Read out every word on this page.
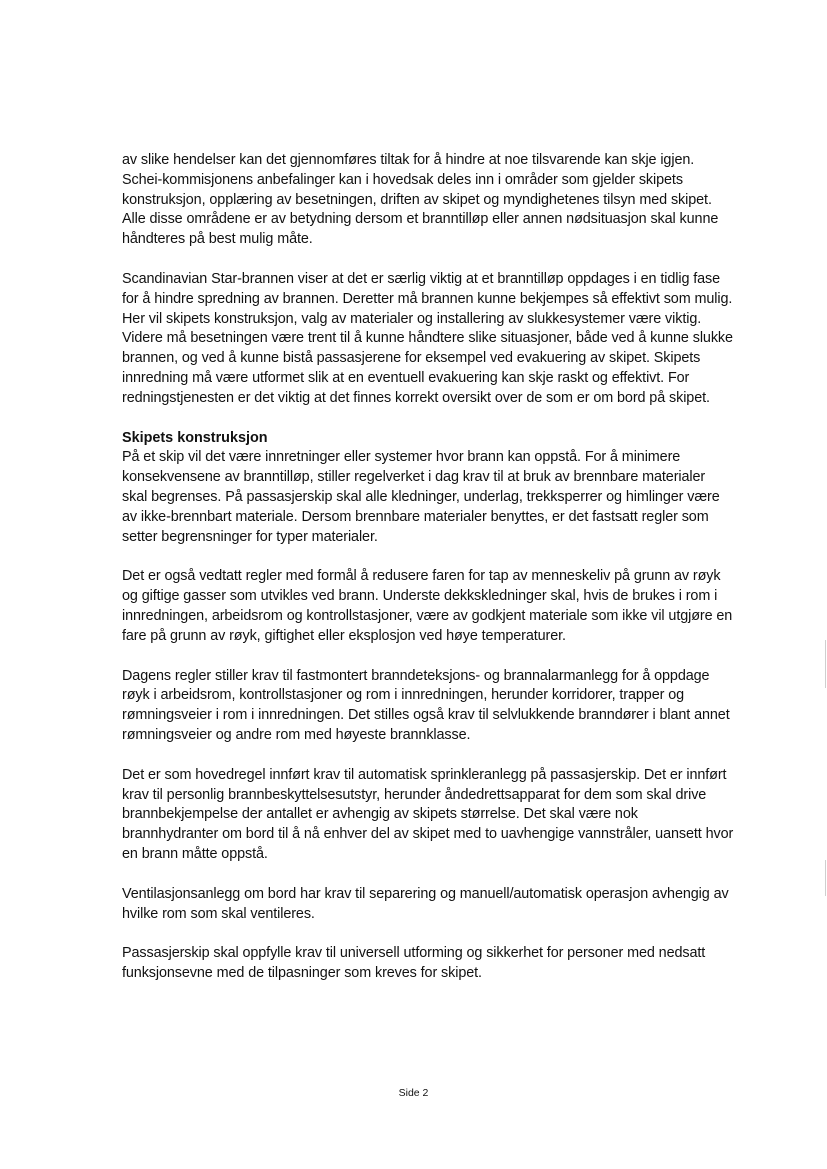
av slike hendelser kan det gjennomføres tiltak for å hindre at noe tilsvarende kan skje igjen. Schei-kommisjonens anbefalinger kan i hovedsak deles inn i områder som gjelder skipets konstruksjon, opplæring av besetningen, driften av skipet og myndighetenes tilsyn med skipet. Alle disse områdene er av betydning dersom et branntilløp eller annen nødsituasjon skal kunne håndteres på best mulig måte.

Scandinavian Star-brannen viser at det er særlig viktig at et branntilløp oppdages i en tidlig fase for å hindre spredning av brannen. Deretter må brannen kunne bekjempes så effektivt som mulig. Her vil skipets konstruksjon, valg av materialer og installering av slukkesystemer være viktig. Videre må besetningen være trent til å kunne håndtere slike situasjoner, både ved å kunne slukke brannen, og ved å kunne bistå passasjerene for eksempel ved evakuering av skipet. Skipets innredning må være utformet slik at en eventuell evakuering kan skje raskt og effektivt. For redningstjenesten er det viktig at det finnes korrekt oversikt over de som er om bord på skipet.

Skipets konstruksjon

På et skip vil det være innretninger eller systemer hvor brann kan oppstå. For å minimere konsekvensene av branntilløp, stiller regelverket i dag krav til at bruk av brennbare materialer skal begrenses. På passasjerskip skal alle kledninger, underlag, trekksperrer og himlinger være av ikke-brennbart materiale. Dersom brennbare materialer benyttes, er det fastsatt regler som setter begrensninger for typer materialer.

Det er også vedtatt regler med formål å redusere faren for tap av menneskeliv på grunn av røyk og giftige gasser som utvikles ved brann. Underste dekkskledninger skal, hvis de brukes i rom i innredningen, arbeidsrom og kontrollstasjoner, være av godkjent materiale som ikke vil utgjøre en fare på grunn av røyk, giftighet eller eksplosjon ved høye temperaturer.

Dagens regler stiller krav til fastmontert branndeteksjons- og brannalarmanlegg for å oppdage røyk i arbeidsrom, kontrollstasjoner og rom i innredningen, herunder korridorer, trapper og rømningsveier i rom i innredningen. Det stilles også krav til selvlukkende branndører i blant annet rømningsveier og andre rom med høyeste brannklasse.

Det er som hovedregel innført krav til automatisk sprinkleranlegg på passasjerskip. Det er innført krav til personlig brannbeskyttelsesutstyr, herunder åndedrettsapparat for dem som skal drive brannbekjempelse der antallet er avhengig av skipets størrelse. Det skal være nok brannhydranter om bord til å nå enhver del av skipet med to uavhengige vannstråler, uansett hvor en brann måtte oppstå.

Ventilasjonsanlegg om bord har krav til separering og manuell/automatisk operasjon avhengig av hvilke rom som skal ventileres.

Passasjerskip skal oppfylle krav til universell utforming og sikkerhet for personer med nedsatt funksjonsevne med de tilpasninger som kreves for skipet.

Side 2
